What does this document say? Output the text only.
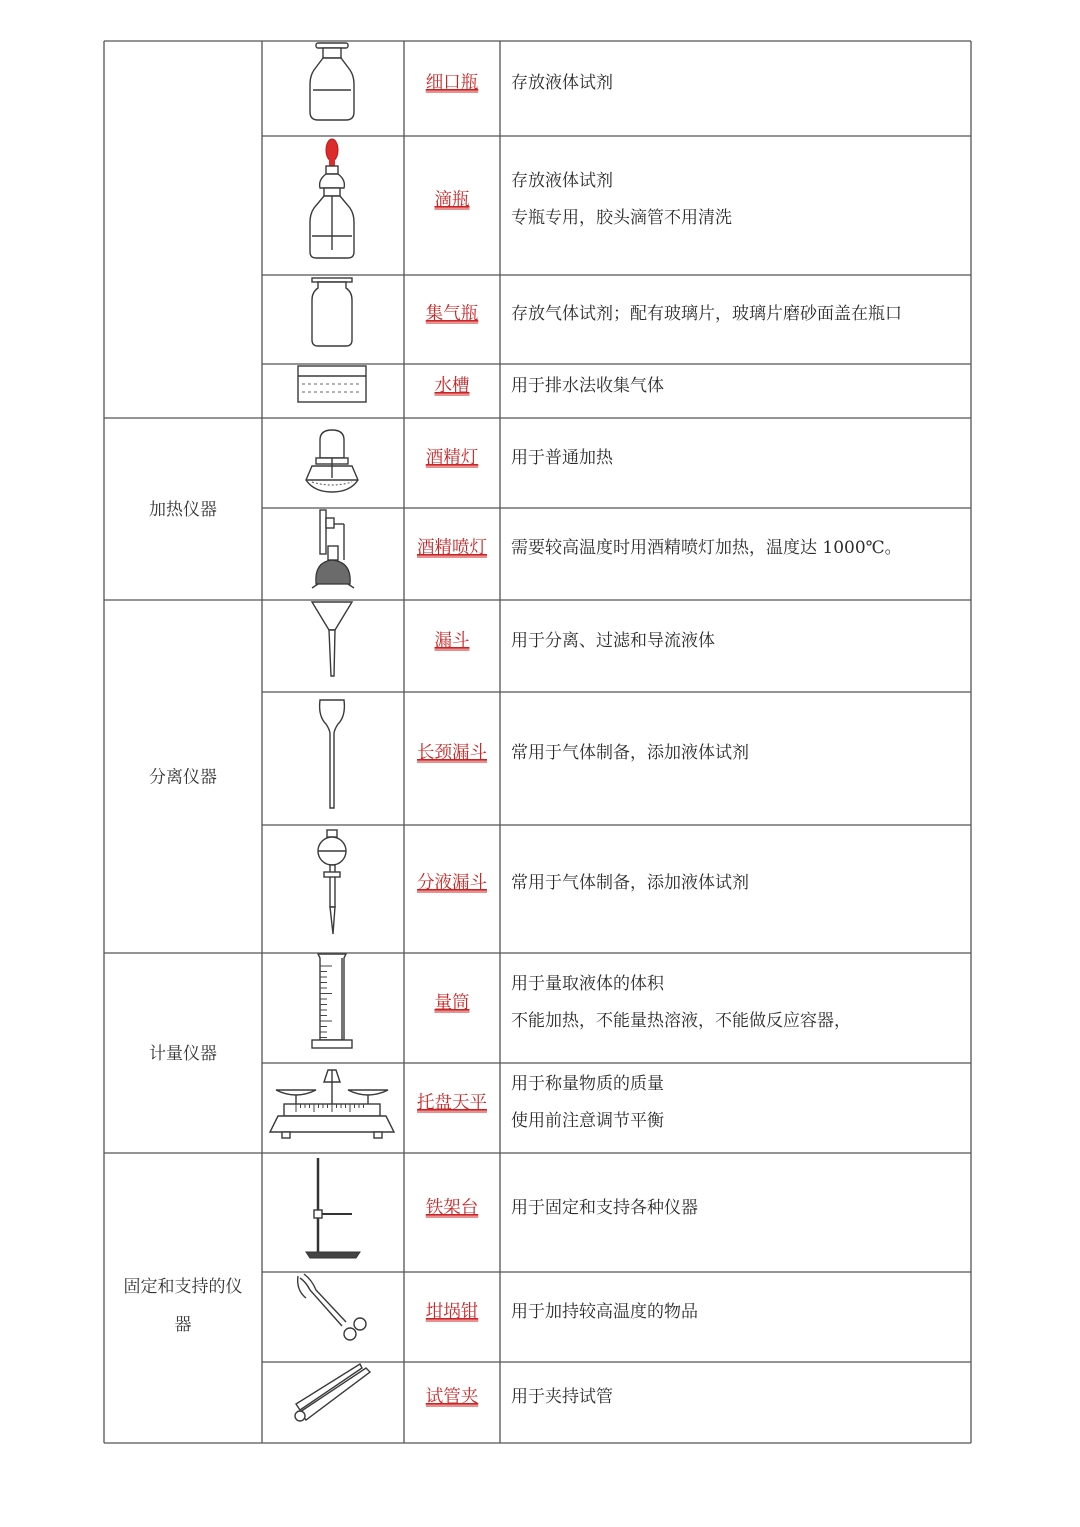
加热仪器
分离仪器
计量仪器
固定和支持的仪
器
细口瓶 存放液体试剂
滴瓶
存放液体试剂
专瓶专用，胶头滴管不用清洗
集气瓶 存放气体试剂；配有玻璃片，玻璃片磨砂面盖在瓶口
水槽 用于排水法收集气体
酒精灯 用于普通加热
酒精喷灯 需要较高温度时用酒精喷灯加热，温度达 1000℃。
漏斗 用于分离、过滤和导流液体
长颈漏斗 常用于气体制备，添加液体试剂
分液漏斗 常用于气体制备，添加液体试剂
量筒
用于量取液体的体积
不能加热，不能量热溶液，不能做反应容器，
托盘天平
用于称量物质的质量
使用前注意调节平衡
铁架台 用于固定和支持各种仪器
坩埚钳 用于加持较高温度的物品
试管夹 用于夹持试管
